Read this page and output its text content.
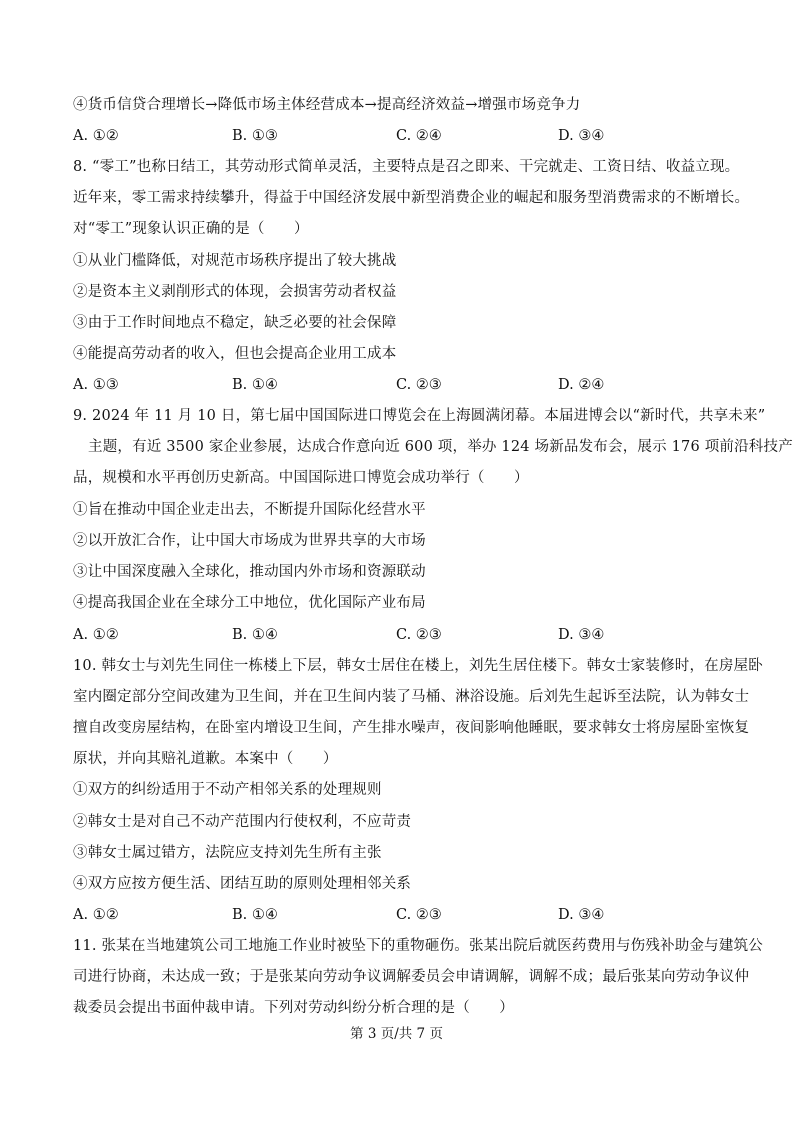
④货币信贷合理增长→降低市场主体经营成本→提高经济效益→增强市场竞争力
A. ①②	B. ①③	C. ②④	D. ③④
8. “零工”也称日结工，其劳动形式简单灵活，主要特点是召之即来、干完就走、工资日结、收益立现。
近年来，零工需求持续攀升，得益于中国经济发展中新型消费企业的崛起和服务型消费需求的不断增长。
对“零工”现象认识正确的是（　　）
①从业门槛降低，对规范市场秩序提出了较大挑战
②是资本主义剥削形式的体现，会损害劳动者权益
③由于工作时间地点不稳定，缺乏必要的社会保障
④能提高劳动者的收入，但也会提高企业用工成本
A. ①③	B. ①④	C. ②③	D. ②④
9. 2024 年 11 月 10 日，第七届中国国际进口博览会在上海圆满闭幕。本届进博会以“新时代，共享未来”
主题，有近 3500 家企业参展，达成合作意向近 600 项，举办 124 场新品发布会，展示 176 项前沿科技产
品，规模和水平再创历史新高。中国国际进口博览会成功举行（　　）
①旨在推动中国企业走出去，不断提升国际化经营水平
②以开放汇合作，让中国大市场成为世界共享的大市场
③让中国深度融入全球化，推动国内外市场和资源联动
④提高我国企业在全球分工中地位，优化国际产业布局
A. ①②	B. ①④	C. ②③	D. ③④
10. 韩女士与刘先生同住一栋楼上下层，韩女士居住在楼上，刘先生居住楼下。韩女士家装修时，在房屋卧
室内圈定部分空间改建为卫生间，并在卫生间内装了马桶、淋浴设施。后刘先生起诉至法院，认为韩女士
擅自改变房屋结构，在卧室内增设卫生间，产生排水噪声，夜间影响他睡眠，要求韩女士将房屋卧室恢复
原状，并向其赔礼道歉。本案中（　　）
①双方的纠纷适用于不动产相邻关系的处理规则
②韩女士是对自己不动产范围内行使权利，不应苛责
③韩女士属过错方，法院应支持刘先生所有主张
④双方应按方便生活、团结互助的原则处理相邻关系
A. ①②	B. ①④	C. ②③	D. ③④
11. 张某在当地建筑公司工地施工作业时被坠下的重物砸伤。张某出院后就医药费用与伤残补助金与建筑公
司进行协商，未达成一致；于是张某向劳动争议调解委员会申请调解，调解不成；最后张某向劳动争议仲
裁委员会提出书面仲裁申请。下列对劳动纠纷分析合理的是（　　）
第 3 页/共 7 页
